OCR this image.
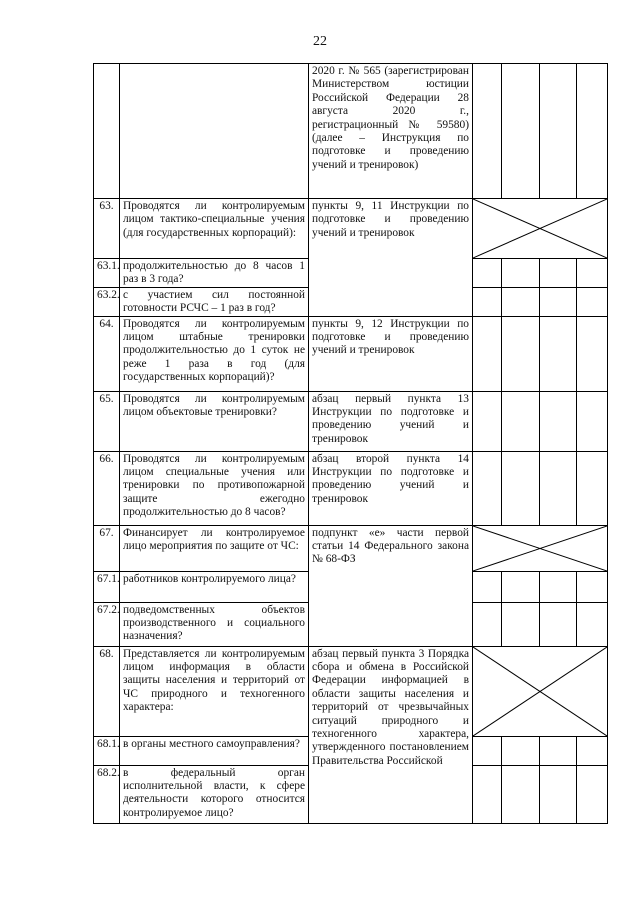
22
		2020 г. № 565 (зарегистрирован Министерством юстиции Российской Федерации 28 августа 2020 г., регистрационный № 59580) (далее – Инструкция по подготовке и проведению учений и тренировок)				
63.	Проводятся ли контролируемым лицом тактико-специальные учения (для государственных корпораций):	пункты 9, 11 Инструкции по подготовке и проведению учений и тренировок	

63.1.	продолжительностью до 8 часов 1 раз в 3 года?					
63.2.	с участием сил постоянной готовности РСЧС – 1 раз в год?					
64.	Проводятся ли контролируемым лицом штабные тренировки продолжительностью до 1 суток не реже 1 раза в год (для государственных корпораций)?	пункты 9, 12 Инструкции по подготовке и проведению учений и тренировок				
65.	Проводятся ли контролируемым лицом объектовые тренировки?	абзац первый пункта 13 Инструкции по подготовке и проведению учений и тренировок				
66.	Проводятся ли контролируемым лицом специальные учения или тренировки по противопожарной защите ежегодно продолжительностью до 8 часов?	абзац второй пункта 14 Инструкции по подготовке и проведению учений и тренировок				
67.	Финансирует ли контролируемое лицо мероприятия по защите от ЧС:	подпункт «е» части первой статьи 14 Федерального закона № 68-ФЗ	

67.1.	работников контролируемого лица?					
67.2.	подведомственных объектов производственного и социального назначения?					
68.	Представляется ли контролируемым лицом информация в области защиты населения и территорий от ЧС природного и техногенного характера:	абзац первый пункта 3 Порядка сбора и обмена в Российской Федерации информацией в области защиты населения и территорий от чрезвычайных ситуаций природного и техногенного характера, утвержденного постановлением Правительства Российской	

68.1.	в органы местного самоуправления?					
68.2.	в федеральный орган исполнительной власти, к сфере деятельности которого относится контролируемое лицо?					
